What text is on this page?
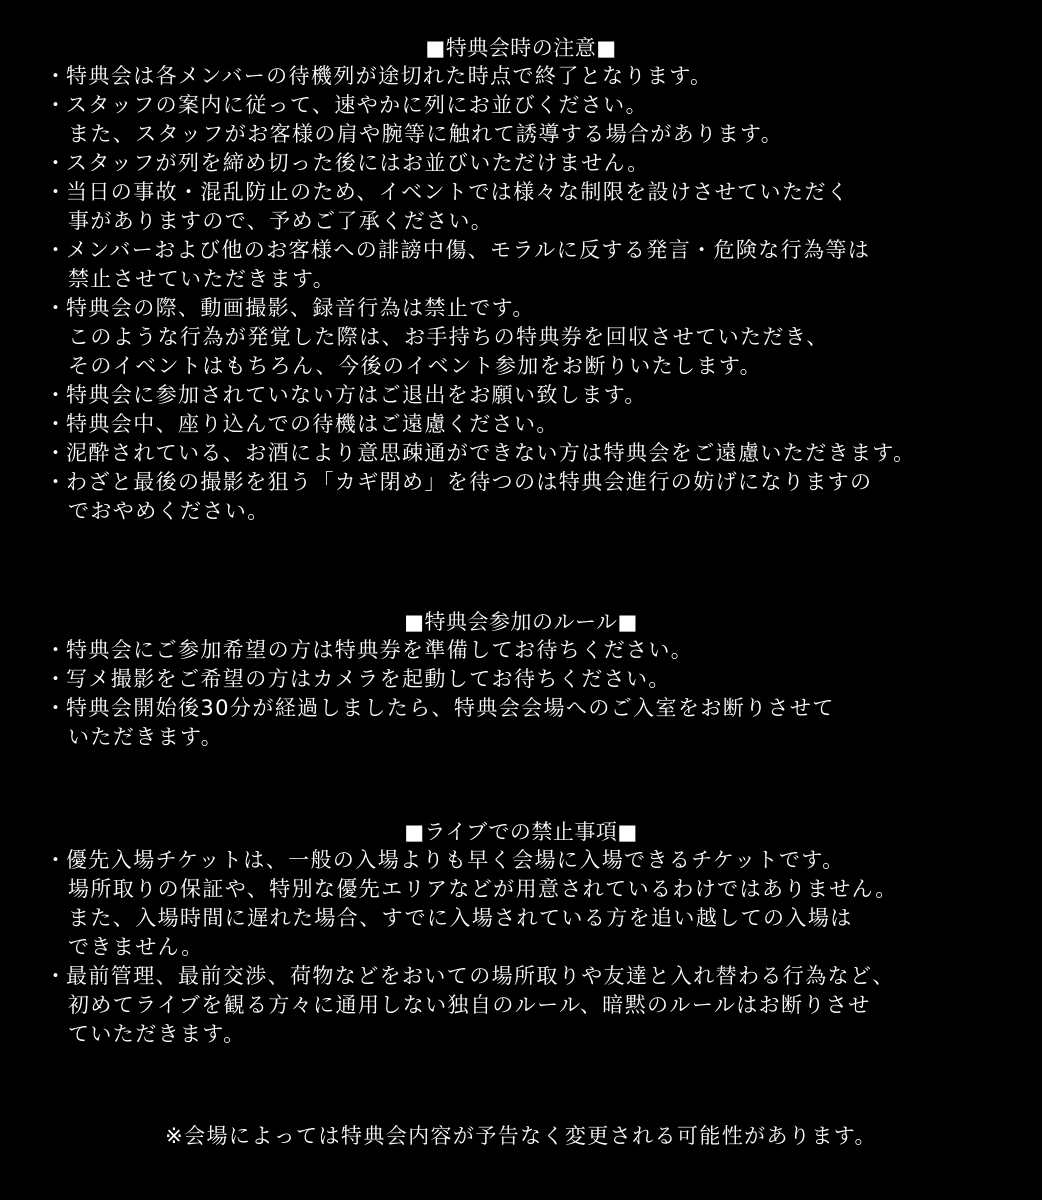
■特典会時の注意■
・
特典会は各メンバーの待機列が途切れた時点で終了となります。
・
スタッフの案内に従って、速やかに列にお並びください。
また、スタッフがお客様の肩や腕等に触れて誘導する場合があります。
・
スタッフが列を締め切った後にはお並びいただけません。
・
当日の事故・混乱防止のため、イベントでは様々な制限を設けさせていただく
事がありますので、予めご了承ください。
・
メンバーおよび他のお客様への誹謗中傷、モラルに反する発言・危険な行為等は
禁止させていただきます。
・
特典会の際、動画撮影、録音行為は禁止です。
このような行為が発覚した際は、お手持ちの特典券を回収させていただき、
そのイベントはもちろん、今後のイベント参加をお断りいたします。
・
特典会に参加されていない方はご退出をお願い致します。
・
特典会中、座り込んでの待機はご遠慮ください。
・
泥酔されている、お酒により意思疎通ができない方は特典会をご遠慮いただきます。
・
わざと最後の撮影を狙う「カギ閉め」を待つのは特典会進行の妨げになりますの
でおやめください。
■特典会参加のルール■
・
特典会にご参加希望の方は特典券を準備してお待ちください。
・
写メ撮影をご希望の方はカメラを起動してお待ちください。
・
特典会開始後30分が経過しましたら、特典会会場へのご入室をお断りさせて
いただきます。
■ライブでの禁止事項■
・
優先入場チケットは、一般の入場よりも早く会場に入場できるチケットです。
場所取りの保証や、特別な優先エリアなどが用意されているわけではありません。
また、入場時間に遅れた場合、すでに入場されている方を追い越しての入場は
できません。
・
最前管理、最前交渉、荷物などをおいての場所取りや友達と入れ替わる行為など、
初めてライブを観る方々に通用しない独自のルール、暗黙のルールはお断りさせ
ていただきます。
※会場によっては特典会内容が予告なく変更される可能性があります。
